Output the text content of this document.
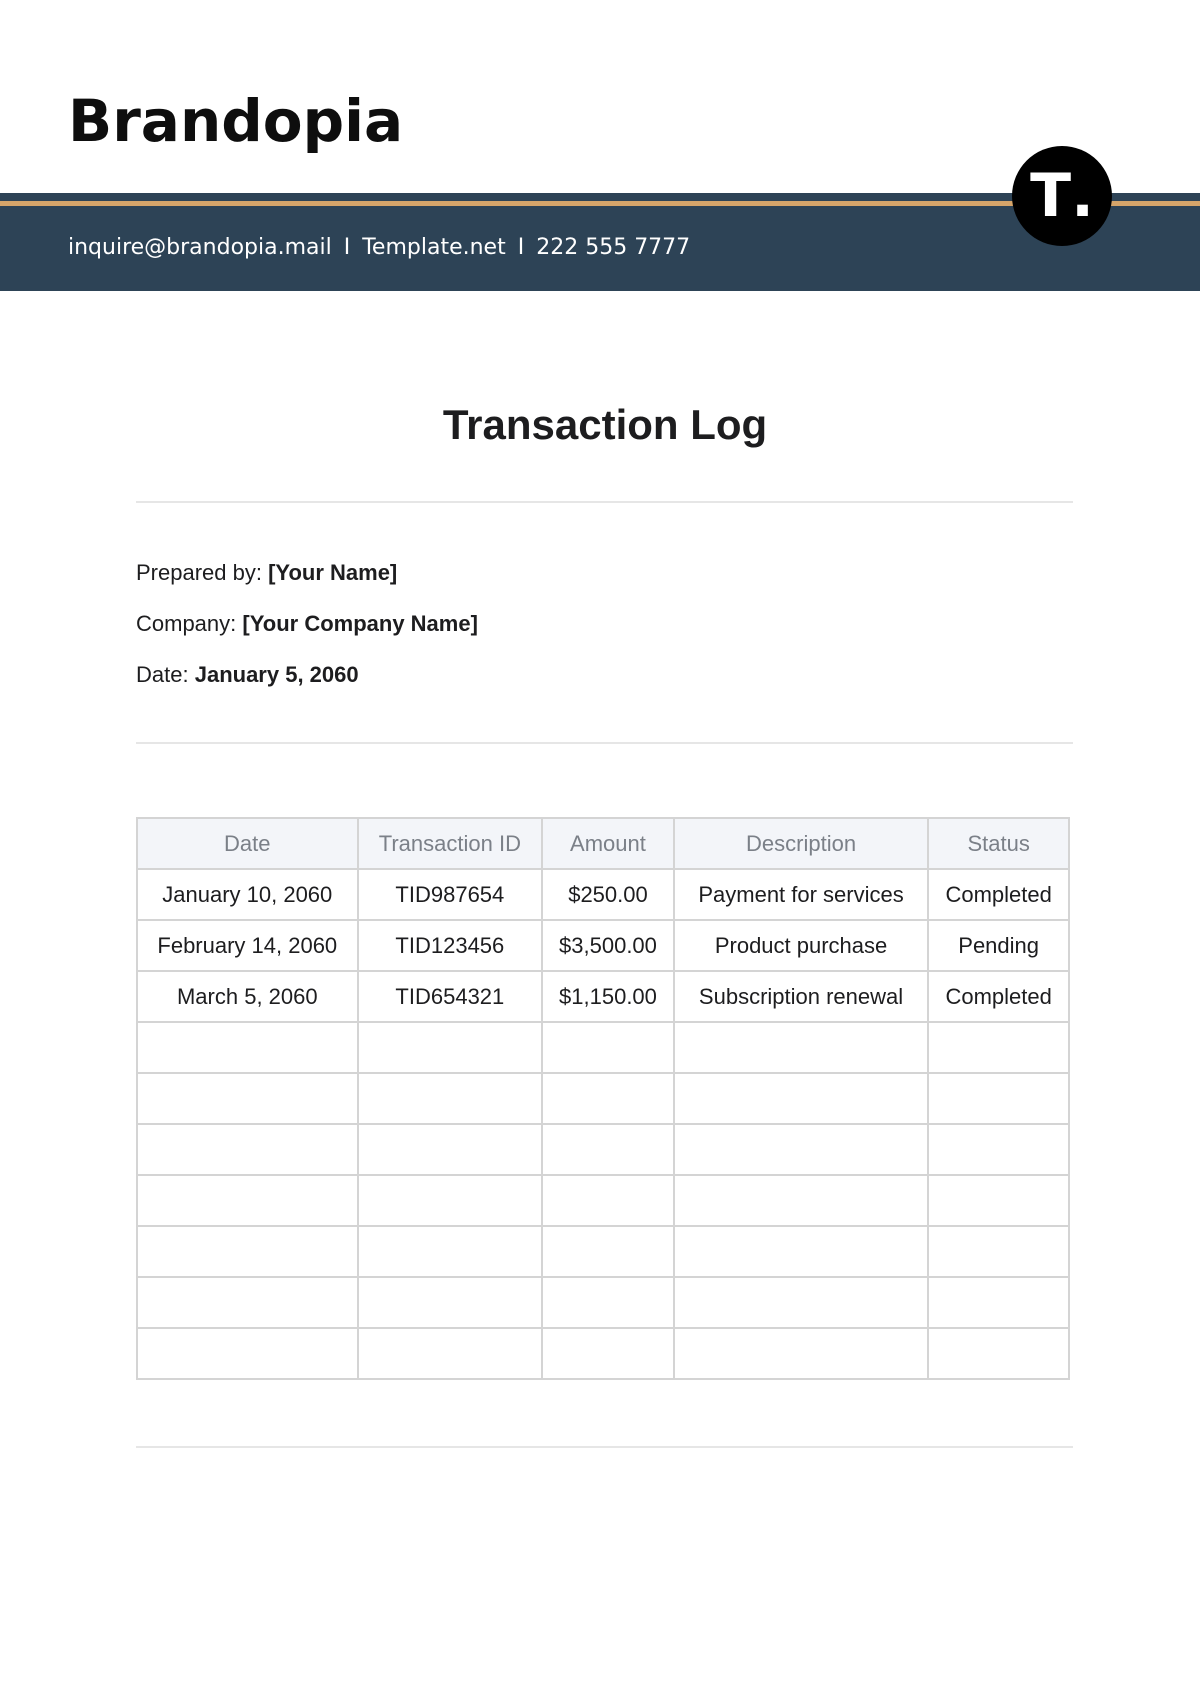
Brandopia
inquire@brandopia.mail I Template.net I 222 555 7777
T .
Transaction Log

Prepared by: [Your Name]

Company: [Your Company Name]

Date: January 5, 2060

Date	Transaction ID	Amount	Description	Status
January 10, 2060	TID987654	$250.00	Payment for services	Completed
February 14, 2060	TID123456	$3,500.00	Product purchase	Pending
March 5, 2060	TID654321	$1,150.00	Subscription renewal	Completed
